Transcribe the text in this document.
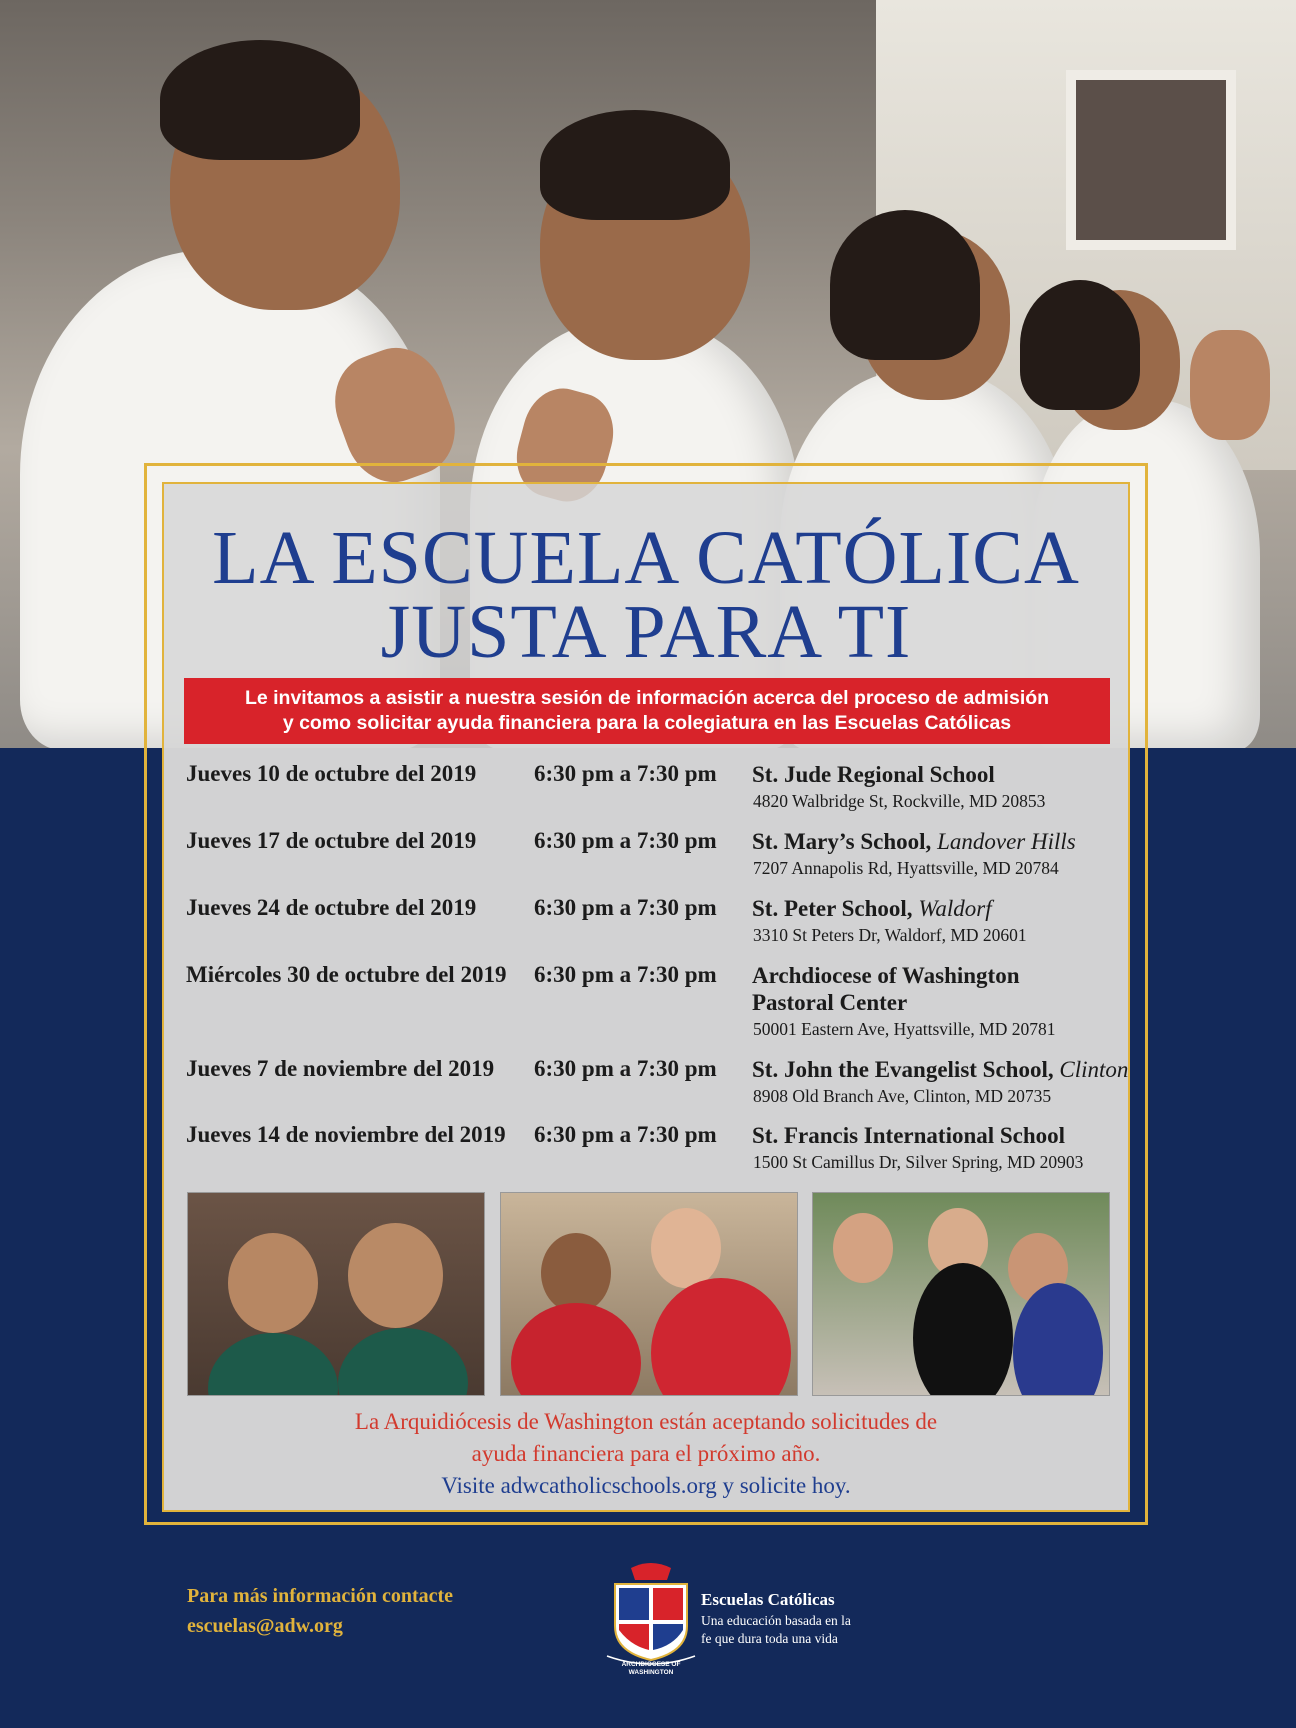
LA ESCUELA CATÓLICA
JUSTA PARA TI
Le invitamos a asistir a nuestra sesión de información acerca del proceso de admisión
y como solicitar ayuda financiera para la colegiatura en las Escuelas Católicas
Jueves 10 de octubre del 2019	6:30 pm a 7:30 pm St. Jude Regional School
4820 Walbridge St, Rockville, MD 20853
Jueves 17 de octubre del 2019	6:30 pm a 7:30 pm St. Mary’s School, Landover Hills
7207 Annapolis Rd, Hyattsville, MD 20784
Jueves 24 de octubre del 2019	6:30 pm a 7:30 pm St. Peter School, Waldorf
3310 St Peters Dr, Waldorf, MD 20601
Miércoles 30 de octubre del 2019 6:30 pm a 7:30 pm Archdiocese of Washington
Pastoral Center
50001 Eastern Ave, Hyattsville, MD 20781
Jueves 7 de noviembre del 2019 6:30 pm a 7:30 pm St. John the Evangelist School, Clinton
8908 Old Branch Ave, Clinton, MD 20735
Jueves 14 de noviembre del 2019 6:30 pm a 7:30 pm St. Francis International School
1500 St Camillus Dr, Silver Spring, MD 20903
La Arquidiócesis de Washington están aceptando solicitudes de
ayuda financiera para el próximo año.
Visite adwcatholicschools.org y solicite hoy.
Para más información contacte
escuelas@adw.org
ARCHDIOCESE OF
WASHINGTON
Escuelas Católicas
Una educación basada en la
fe que dura toda una vida
